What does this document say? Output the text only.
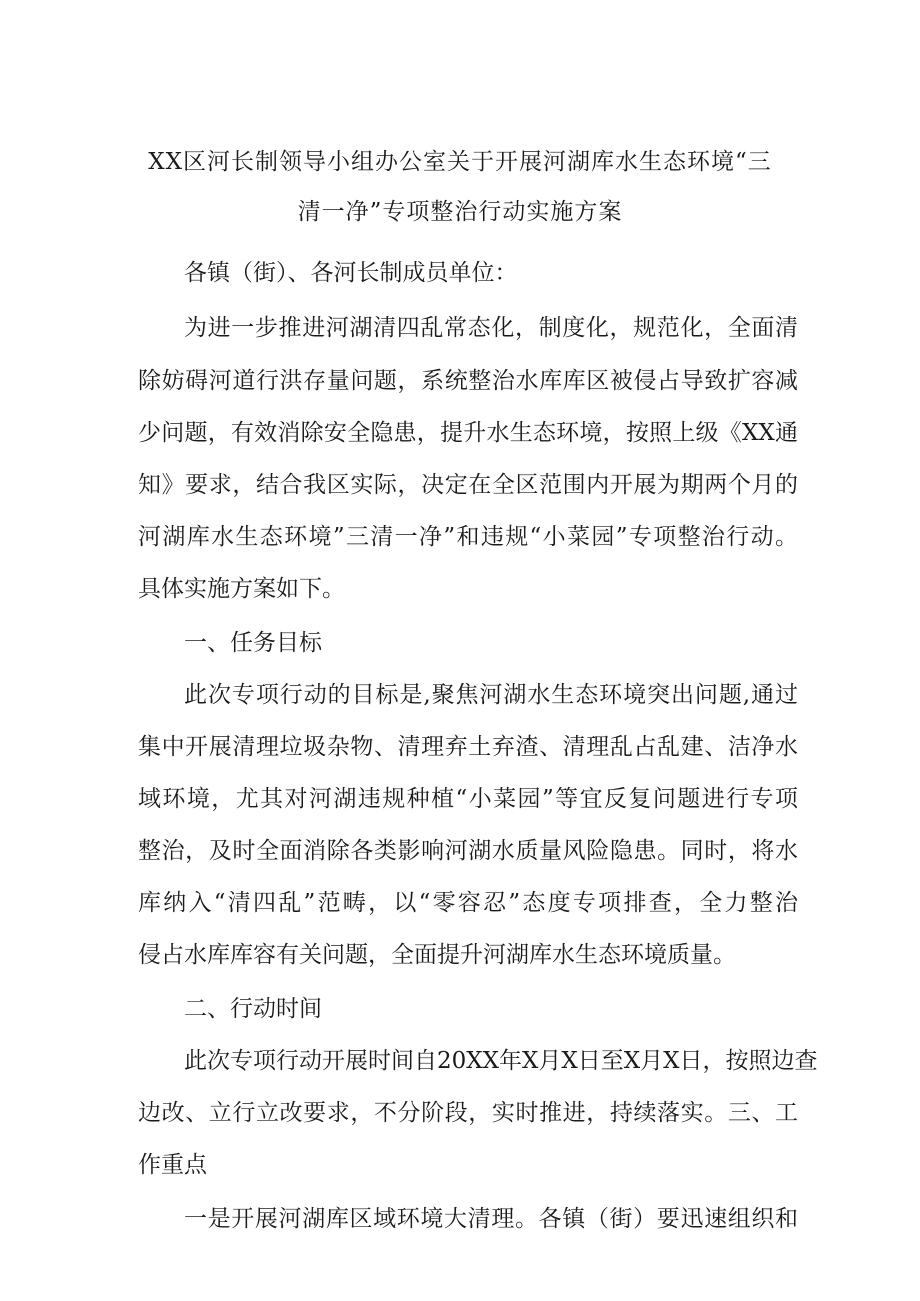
XX区河长制领导小组办公室关于开展河湖库水生态环境“三
清一净”专项整治行动实施方案
各镇（街）、各河长制成员单位：
为进一步推进河湖清四乱常态化，制度化，规范化，全面清
除妨碍河道行洪存量问题，系统整治水库库区被侵占导致扩容减
少问题，有效消除安全隐患，提升水生态环境，按照上级《XX通
知》要求，结合我区实际，决定在全区范围内开展为期两个月的
河湖库水生态环境”三清一净”和违规“小菜园”专项整治行动。
具体实施方案如下。
一、任务目标
此次专项行动的目标是,聚焦河湖水生态环境突出问题,通过
集中开展清理垃圾杂物、清理弃土弃渣、清理乱占乱建、洁净水
域环境，尤其对河湖违规种植“小菜园”等宜反复问题进行专项
整治，及时全面消除各类影响河湖水质量风险隐患。同时，将水
库纳入“清四乱”范畴，以“零容忍”态度专项排查，全力整治
侵占水库库容有关问题，全面提升河湖库水生态环境质量。
二、行动时间
此次专项行动开展时间自20XX年X月X日至X月X日，按照边查
边改、立行立改要求，不分阶段，实时推进，持续落实。三、工
作重点
一是开展河湖库区域环境大清理。各镇（街）要迅速组织和
